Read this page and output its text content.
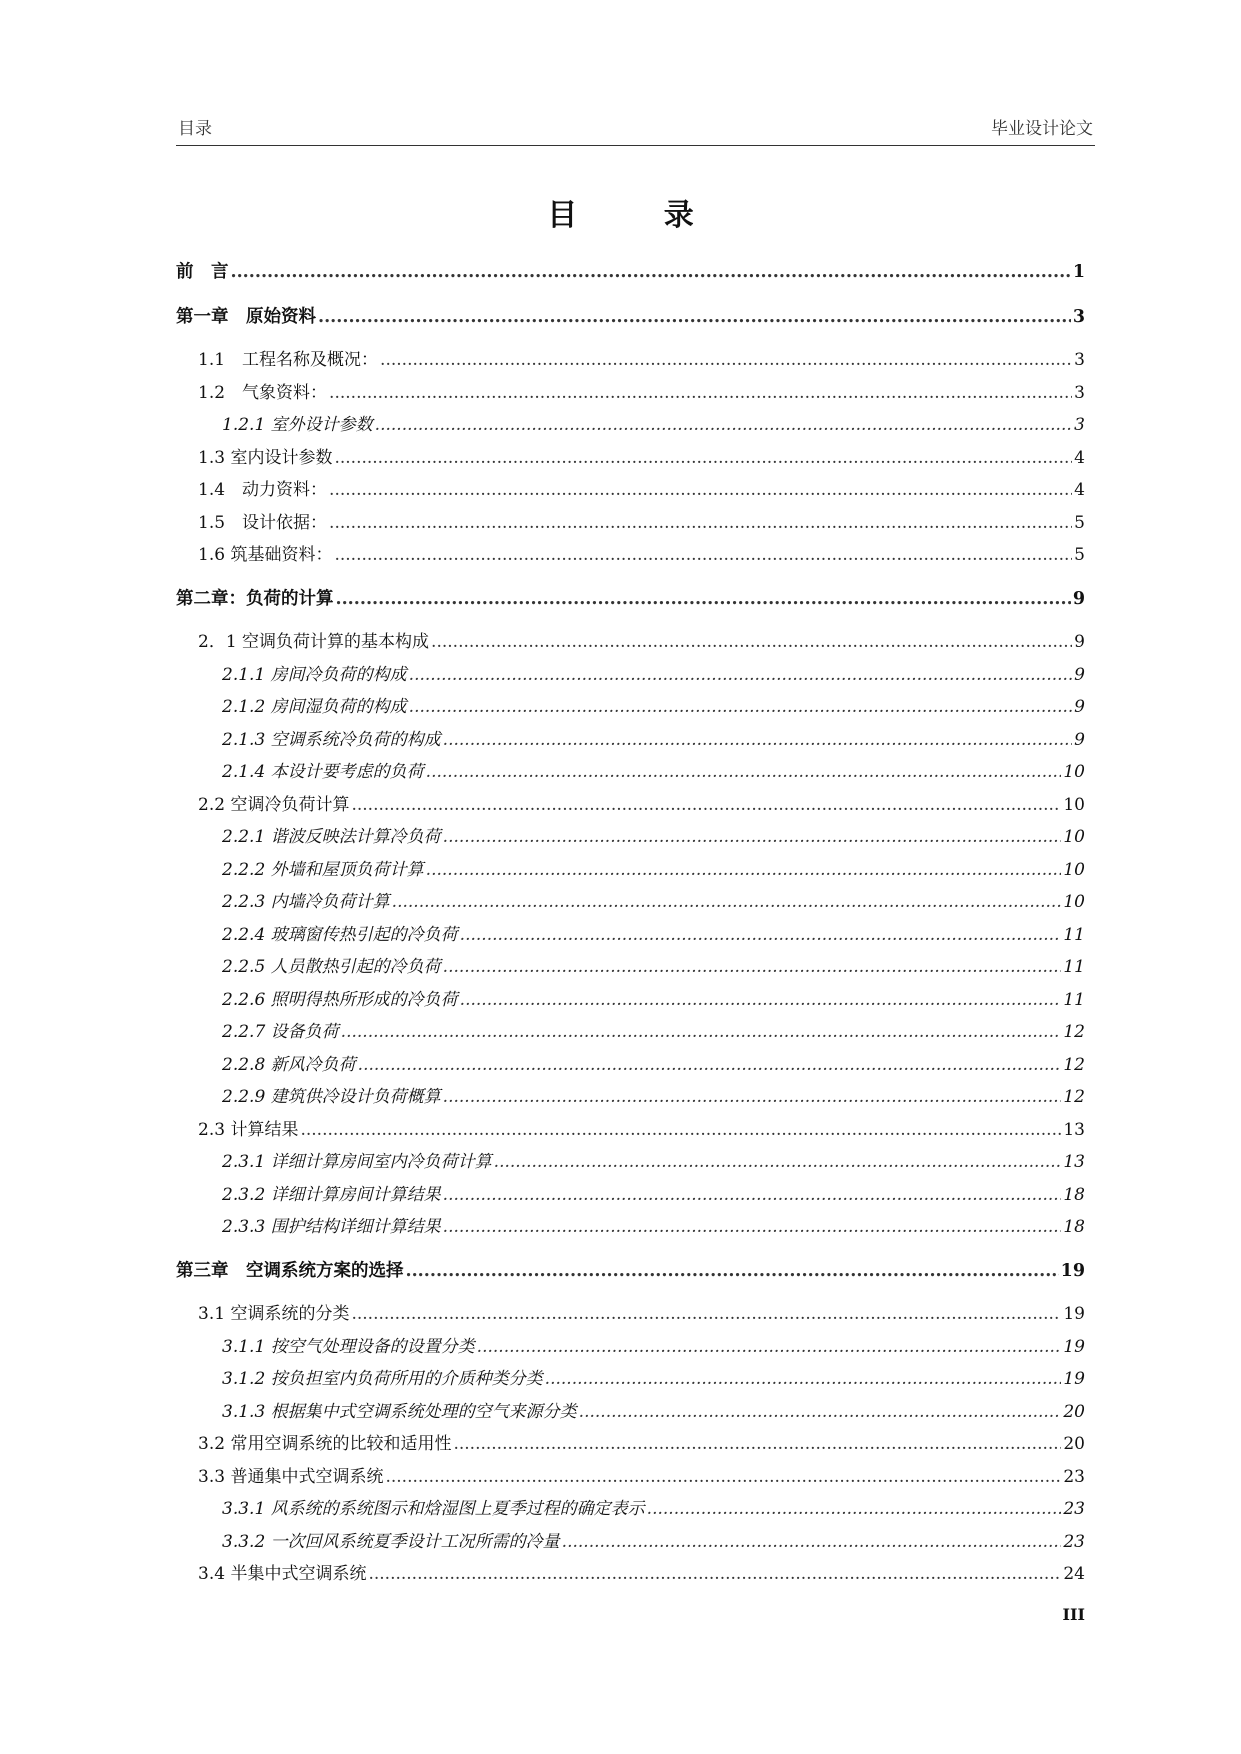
目录	毕业设计论文
目 录
前　言 .....	1
第一章　原始资料 .....	3
1.1　工程名称及概况： .....	3
1.2　气象资料： .....	3
1.2.1 室外设计参数 .....	3
1.3 室内设计参数 .....	4
1.4　动力资料： .....	4
1.5　设计依据： .....	5
1.6 筑基础资料： .....	5
第二章：负荷的计算 .....	9
2．1 空调负荷计算的基本构成 .....	9
2.1.1 房间冷负荷的构成 .....	9
2.1.2 房间湿负荷的构成 .....	9
2.1.3 空调系统冷负荷的构成 .....	9
2.1.4 本设计要考虑的负荷 .....	10
2.2 空调冷负荷计算 .....	10
2.2.1 谐波反映法计算冷负荷 .....	10
2.2.2 外墙和屋顶负荷计算 .....	10
2.2.3 内墙冷负荷计算 .....	10
2.2.4 玻璃窗传热引起的冷负荷 .....	11
2.2.5 人员散热引起的冷负荷 .....	11
2.2.6 照明得热所形成的冷负荷 .....	11
2.2.7 设备负荷 .....	12
2.2.8 新风冷负荷 .....	12
2.2.9 建筑供冷设计负荷概算 .....	12
2.3 计算结果 .....	13
2.3.1 详细计算房间室内冷负荷计算 .....	13
2.3.2 详细计算房间计算结果 .....	18
2.3.3 围护结构详细计算结果 .....	18
第三章　空调系统方案的选择 .....	19
3.1 空调系统的分类 .....	19
3.1.1 按空气处理设备的设置分类 .....	19
3.1.2 按负担室内负荷所用的介质种类分类 .....	19
3.1.3 根据集中式空调系统处理的空气来源分类 .....	20
3.2 常用空调系统的比较和适用性 .....	20
3.3 普通集中式空调系统 .....	23
3.3.1 风系统的系统图示和焓湿图上夏季过程的确定表示 .....	23
3.3.2 一次回风系统夏季设计工况所需的冷量 .....	23
3.4 半集中式空调系统 .....	24
III
